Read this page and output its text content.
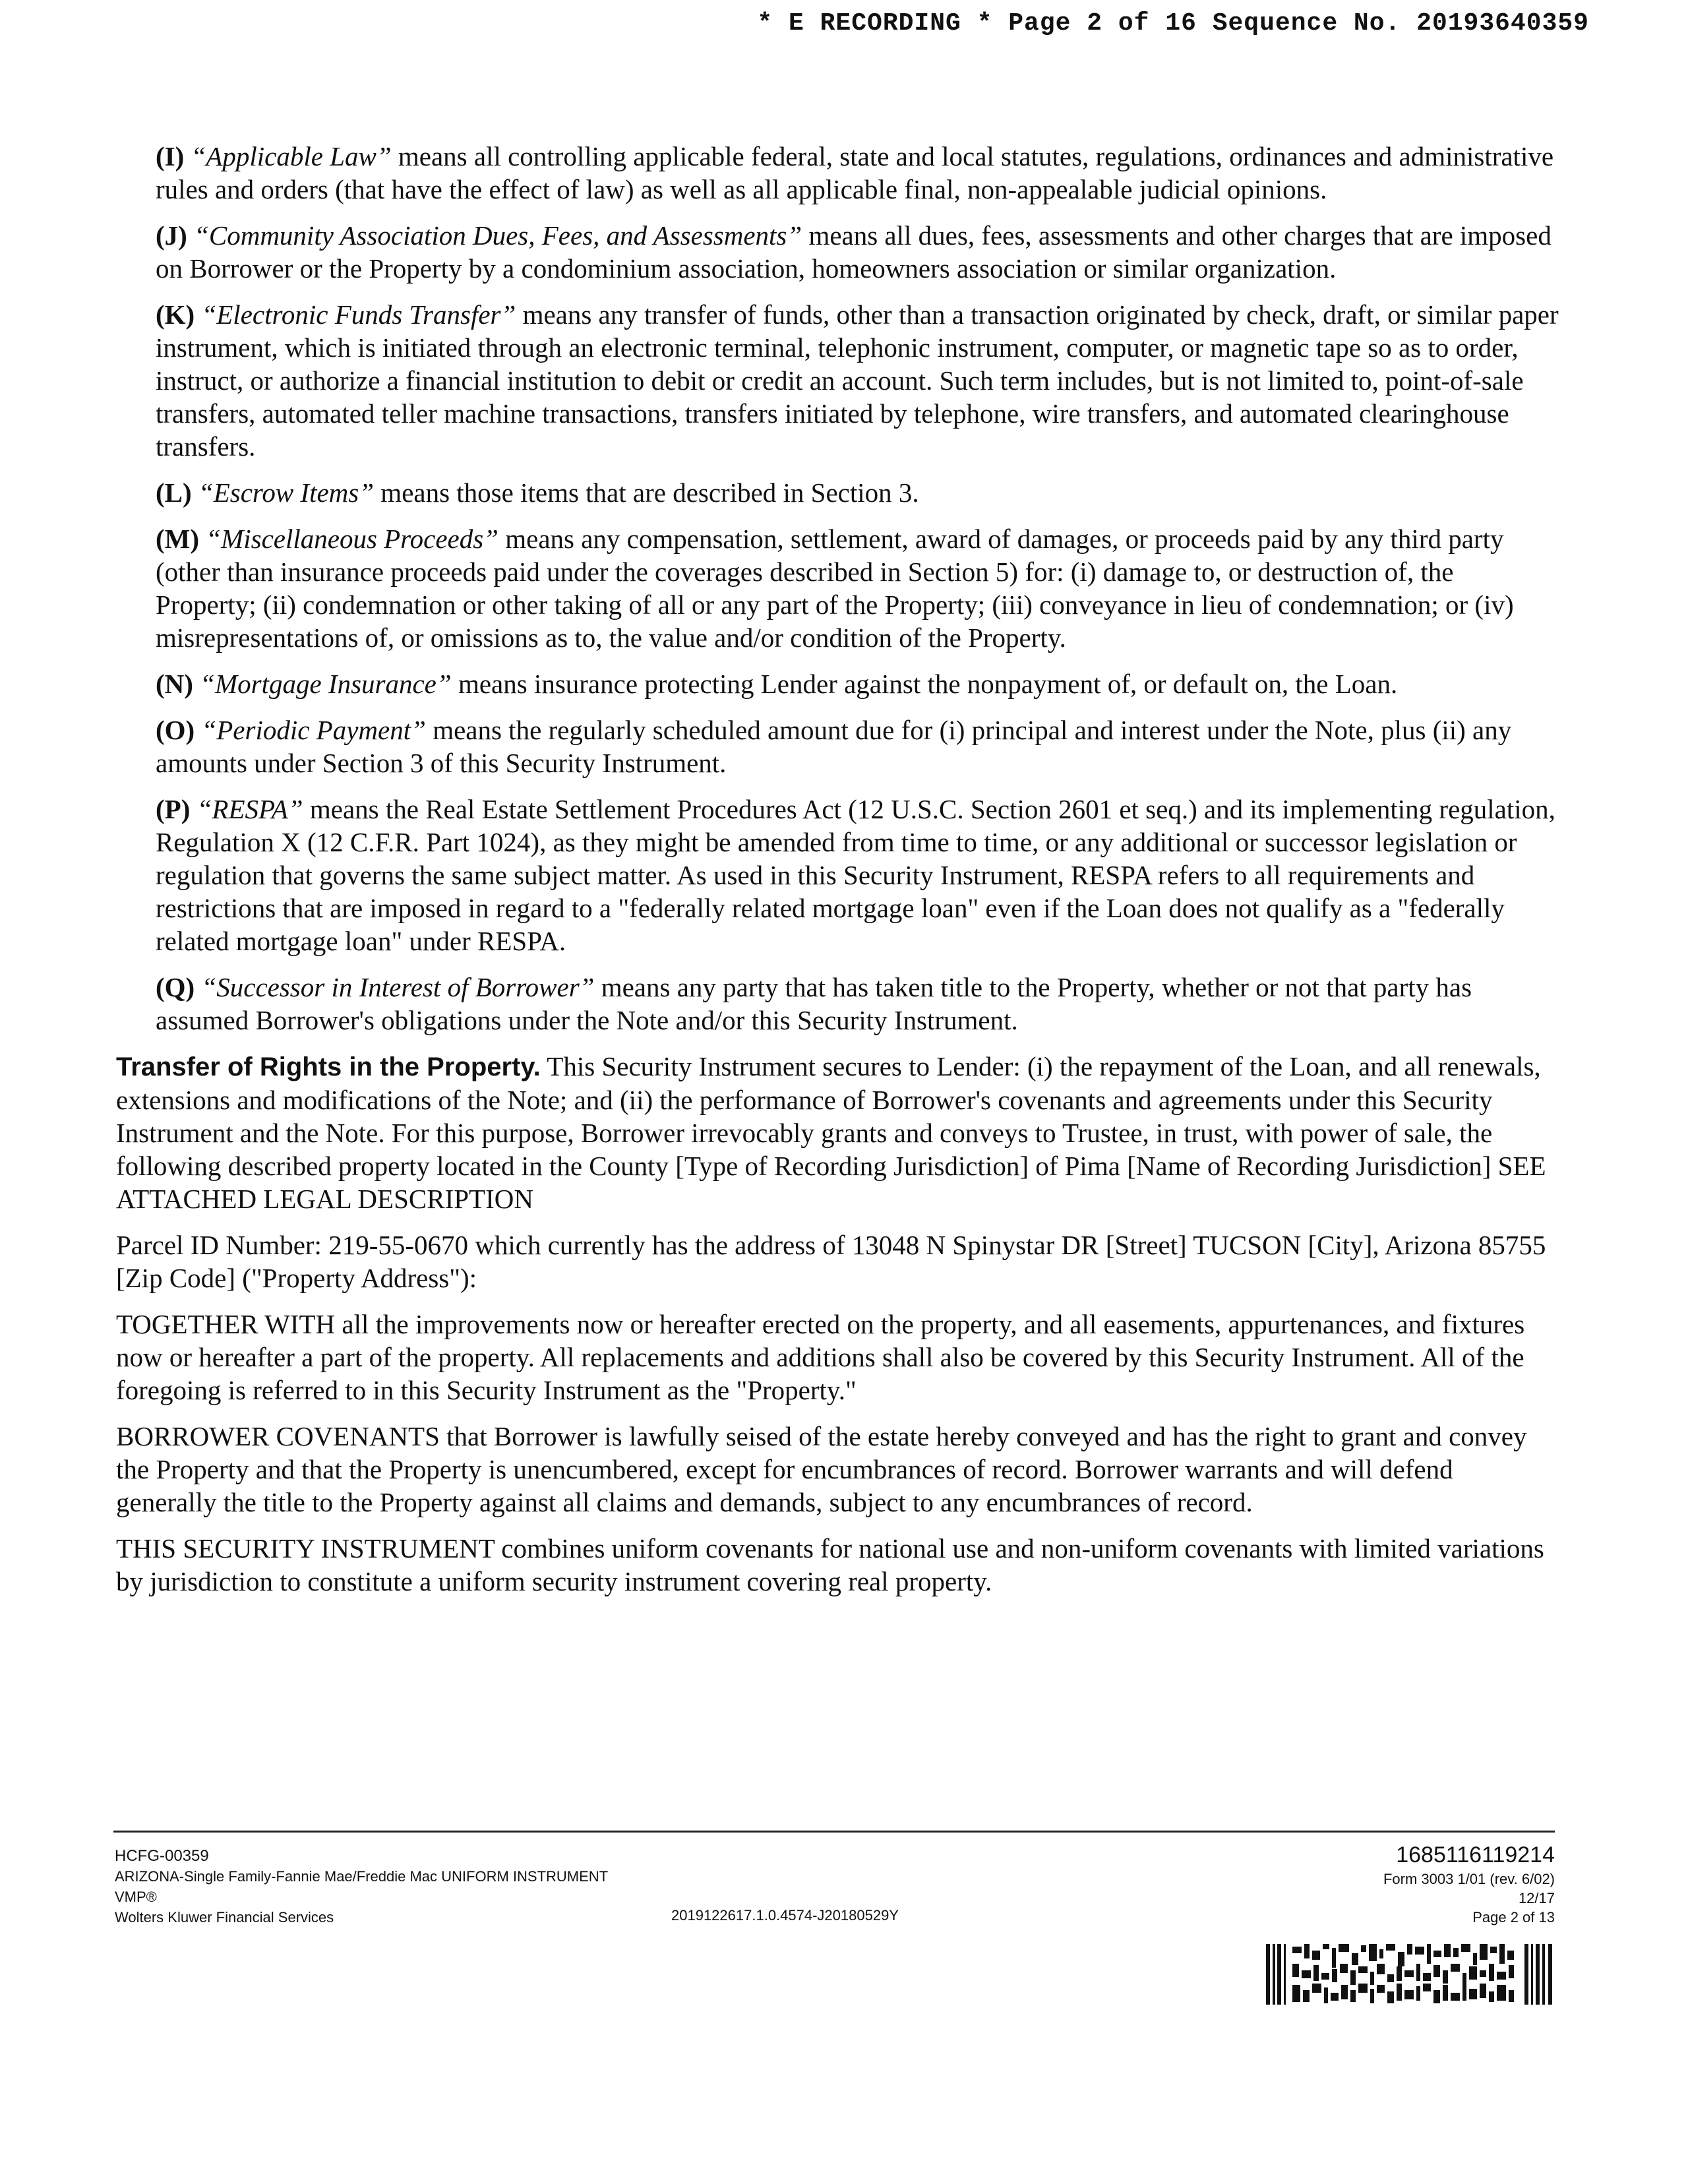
* E RECORDING * Page 2 of 16 Sequence No. 20193640359

(I) “Applicable Law” means all controlling applicable federal, state and local statutes, regulations, ordinances and administrative rules and orders (that have the effect of law) as well as all applicable final, non-appealable judicial opinions.

(J) “Community Association Dues, Fees, and Assessments” means all dues, fees, assessments and other charges that are imposed on Borrower or the Property by a condominium association, homeowners association or similar organization.

(K) “Electronic Funds Transfer” means any transfer of funds, other than a transaction originated by check, draft, or similar paper instrument, which is initiated through an electronic terminal, telephonic instrument, computer, or magnetic tape so as to order, instruct, or authorize a financial institution to debit or credit an account. Such term includes, but is not limited to, point-of-sale transfers, automated teller machine transactions, transfers initiated by telephone, wire transfers, and automated clearinghouse transfers.

(L) “Escrow Items” means those items that are described in Section 3.

(M) “Miscellaneous Proceeds” means any compensation, settlement, award of damages, or proceeds paid by any third party (other than insurance proceeds paid under the coverages described in Section 5) for: (i) damage to, or destruction of, the Property; (ii) condemnation or other taking of all or any part of the Property; (iii) conveyance in lieu of condemnation; or (iv) misrepresentations of, or omissions as to, the value and/or condition of the Property.

(N) “Mortgage Insurance” means insurance protecting Lender against the nonpayment of, or default on, the Loan.

(O) “Periodic Payment” means the regularly scheduled amount due for (i) principal and interest under the Note, plus (ii) any amounts under Section 3 of this Security Instrument.

(P) “RESPA” means the Real Estate Settlement Procedures Act (12 U.S.C. Section 2601 et seq.) and its implementing regulation, Regulation X (12 C.F.R. Part 1024), as they might be amended from time to time, or any additional or successor legislation or regulation that governs the same subject matter. As used in this Security Instrument, RESPA refers to all requirements and restrictions that are imposed in regard to a "federally related mortgage loan" even if the Loan does not qualify as a "federally related mortgage loan" under RESPA.

(Q) “Successor in Interest of Borrower” means any party that has taken title to the Property, whether or not that party has assumed Borrower's obligations under the Note and/or this Security Instrument.

Transfer of Rights in the Property. This Security Instrument secures to Lender: (i) the repayment of the Loan, and all renewals, extensions and modifications of the Note; and (ii) the performance of Borrower's covenants and agreements under this Security Instrument and the Note. For this purpose, Borrower irrevocably grants and conveys to Trustee, in trust, with power of sale, the following described property located in the County [Type of Recording Jurisdiction] of Pima [Name of Recording Jurisdiction] SEE ATTACHED LEGAL DESCRIPTION

Parcel ID Number: 219-55-0670 which currently has the address of 13048 N Spinystar DR [Street] TUCSON [City], Arizona 85755 [Zip Code] ("Property Address"):

TOGETHER WITH all the improvements now or hereafter erected on the property, and all easements, appurtenances, and fixtures now or hereafter a part of the property. All replacements and additions shall also be covered by this Security Instrument. All of the foregoing is referred to in this Security Instrument as the "Property."

BORROWER COVENANTS that Borrower is lawfully seised of the estate hereby conveyed and has the right to grant and convey the Property and that the Property is unencumbered, except for encumbrances of record. Borrower warrants and will defend generally the title to the Property against all claims and demands, subject to any encumbrances of record.

THIS SECURITY INSTRUMENT combines uniform covenants for national use and non-uniform covenants with limited variations by jurisdiction to constitute a uniform security instrument covering real property.

HCFG-00359
ARIZONA-Single Family-Fannie Mae/Freddie Mac UNIFORM INSTRUMENT
VMP®
Wolters Kluwer Financial Services	2019122617.1.0.4574-J20180529Y
1685116119214
Form 3003 1/01 (rev. 6/02)
12/17
Page 2 of 13
